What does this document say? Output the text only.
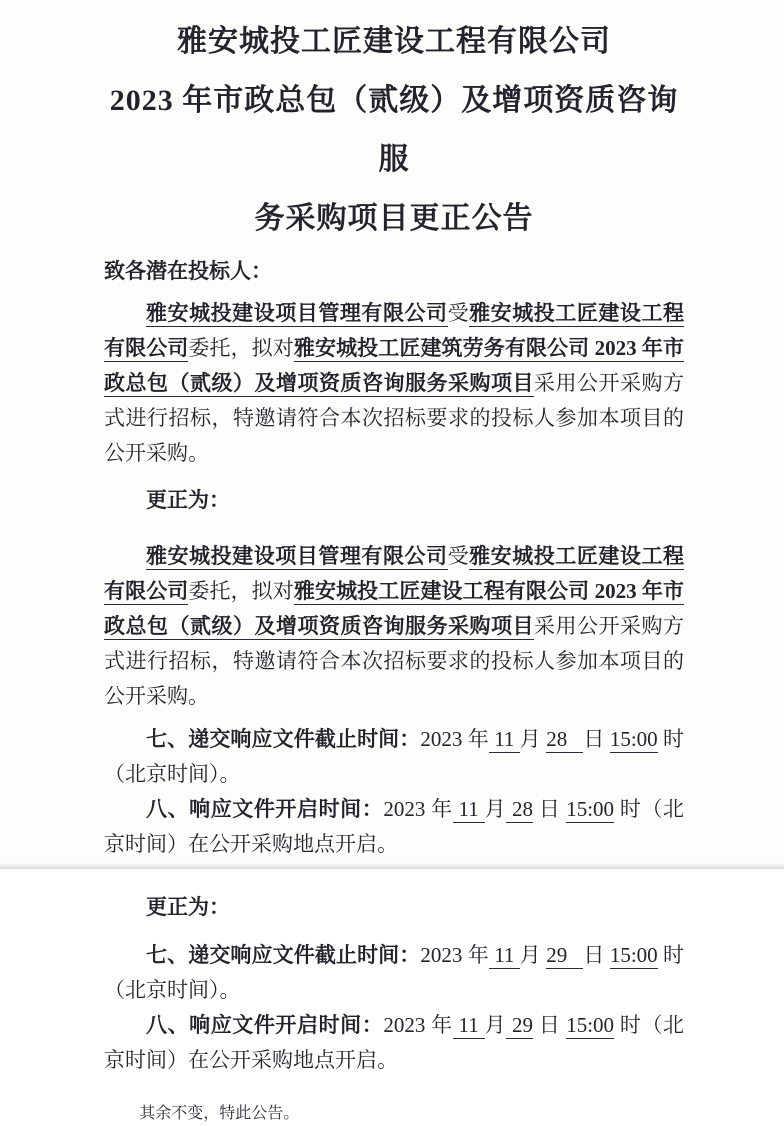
雅安城投工匠建设工程有限公司
2023 年市政总包（贰级）及增项资质咨询服
务采购项目更正公告
致各潜在投标人：

雅安城投建设项目管理有限公司受雅安城投工匠建设工程有限公司委托，拟对雅安城投工匠建筑劳务有限公司 2023 年市政总包（贰级）及增项资质咨询服务采购项目采用公开采购方式进行招标，特邀请符合本次招标要求的投标人参加本项目的公开采购。

更正为：

雅安城投建设项目管理有限公司受雅安城投工匠建设工程有限公司委托，拟对雅安城投工匠建设工程有限公司 2023 年市政总包（贰级）及增项资质咨询服务采购项目采用公开采购方式进行招标，特邀请符合本次招标要求的投标人参加本项目的公开采购。

七、递交响应文件截止时间：2023 年 11 月 28   日 15:00 时（北京时间）。

八、响应文件开启时间：2023 年 11 月 28 日 15:00 时（北京时间）在公开采购地点开启。

更正为：

七、递交响应文件截止时间：2023 年 11 月 29   日 15:00 时（北京时间）。

八、响应文件开启时间：2023 年 11 月 29 日 15:00 时（北京时间）在公开采购地点开启。

其余不变，特此公告。
